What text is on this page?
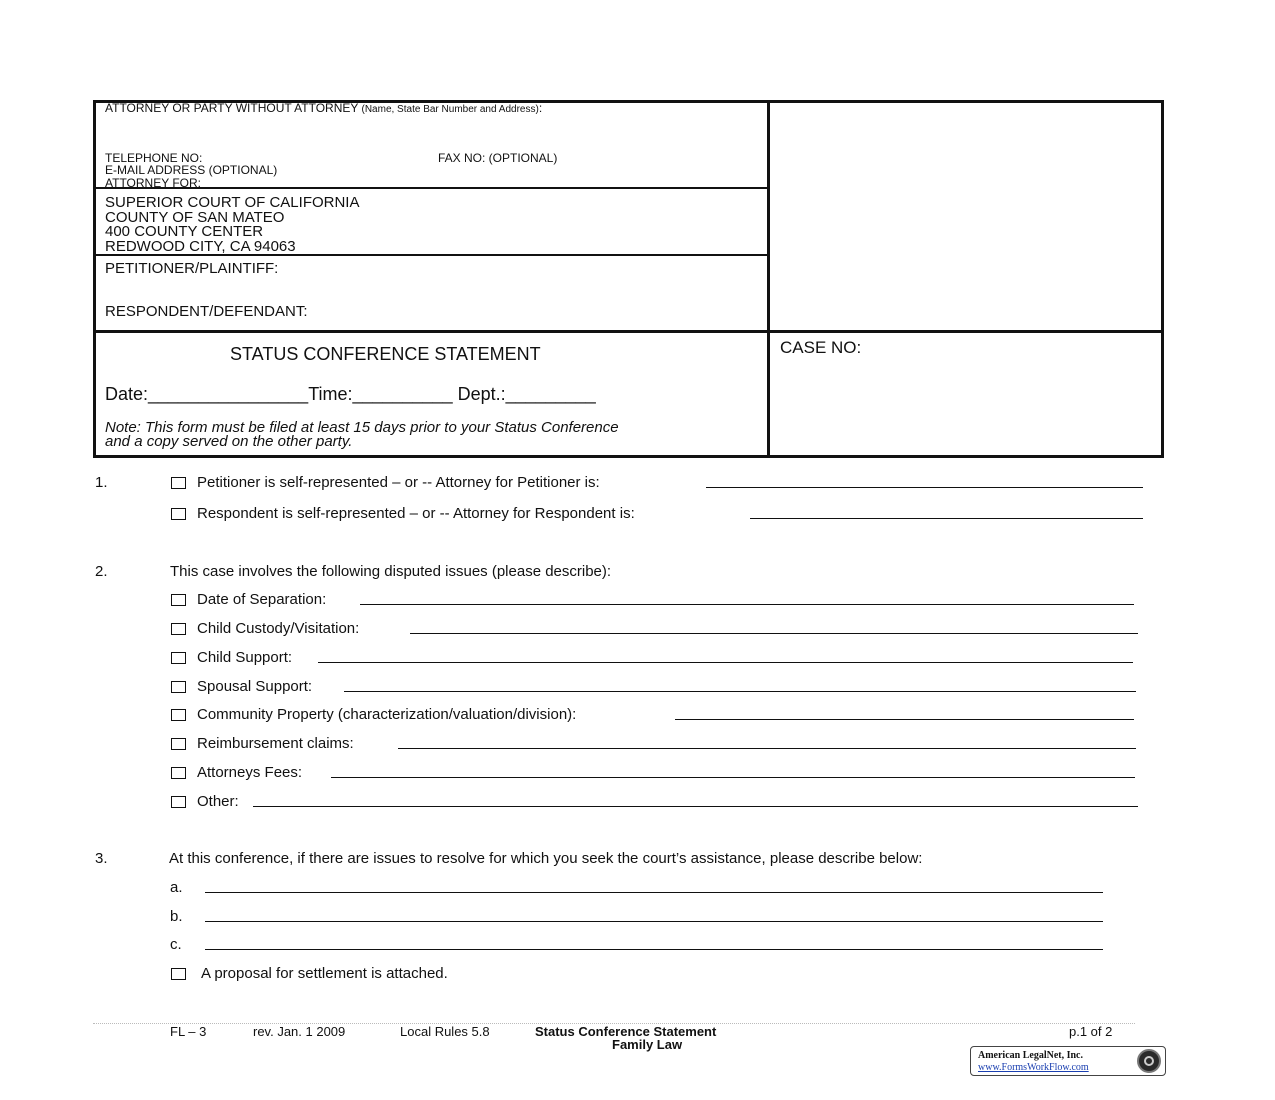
ATTORNEY OR PARTY WITHOUT ATTORNEY (Name, State Bar Number and Address):
TELEPHONE NO:	FAX NO: (OPTIONAL)
E-MAIL ADDRESS (OPTIONAL)
ATTORNEY FOR:
SUPERIOR COURT OF CALIFORNIA
COUNTY OF SAN MATEO
400 COUNTY CENTER
REDWOOD CITY, CA 94063
PETITIONER/PLAINTIFF:
RESPONDENT/DEFENDANT:
STATUS CONFERENCE STATEMENT
Date:________________Time:__________ Dept.:_________
Note: This form must be filed at least 15 days prior to your Status Conference
and a copy served on the other party.
CASE NO:
1.	Petitioner is self-represented – or -- Attorney for Petitioner is:
Respondent is self-represented – or -- Attorney for Respondent is:
2.	This case involves the following disputed issues (please describe):
Date of Separation:
Child Custody/Visitation:
Child Support:
Spousal Support:
Community Property (characterization/valuation/division):
Reimbursement claims:
Attorneys Fees:
Other:
3.	At this conference, if there are issues to resolve for which you seek the court’s assistance, please describe below:
a.
b.
c.
A proposal for settlement is attached.
FL – 3	rev. Jan. 1 2009	Local Rules 5.8	Status Conference Statement
Family Law
p.1 of 2
American LegalNet, Inc.
www.FormsWorkFlow.com
